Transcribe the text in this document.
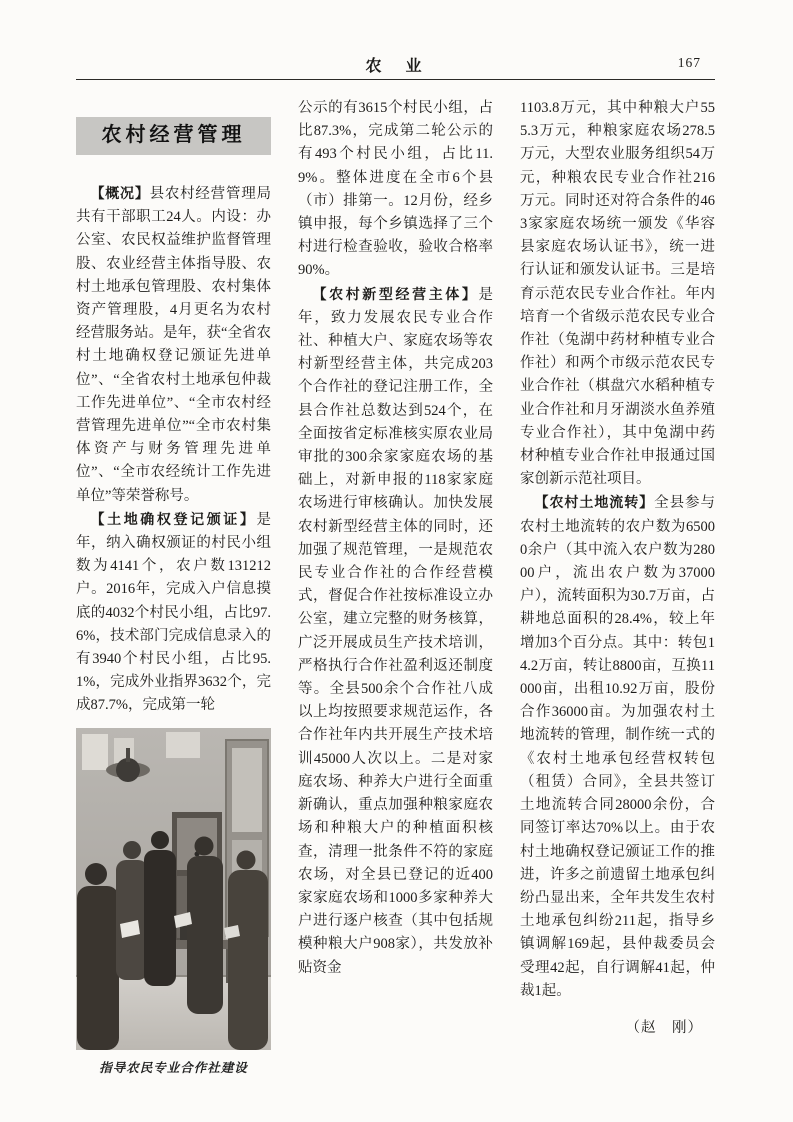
农　业	167
农村经营管理

【概况】县农村经营管理局共有干部职工24人。内设：办公室、农民权益维护监督管理股、农业经营主体指导股、农村土地承包管理股、农村集体资产管理股，4月更名为农村经营服务站。是年，获“全省农村土地确权登记颁证先进单位”、“全省农村土地承包仲裁工作先进单位”、“全市农村经营管理先进单位”“全市农村集体资产与财务管理先进单位”、“全市农经统计工作先进单位”等荣誉称号。

【土地确权登记颁证】是年，纳入确权颁证的村民小组数为4141个，农户数131212户。2016年，完成入户信息摸底的4032个村民小组，占比97.6%，技术部门完成信息录入的有3940个村民小组，占比95.1%，完成外业指界3632个，完成87.7%，完成第一轮

指导农民专业合作社建设

公示的有3615个村民小组，占比87.3%，完成第二轮公示的有493个村民小组，占比11.9%。整体进度在全市6个县（市）排第一。12月份，经乡镇申报，每个乡镇选择了三个村进行检查验收，验收合格率90%。

【农村新型经营主体】是年，致力发展农民专业合作社、种植大户、家庭农场等农村新型经营主体，共完成203个合作社的登记注册工作，全县合作社总数达到524个，在全面按省定标准核实原农业局审批的300余家家庭农场的基础上，对新申报的118家家庭农场进行审核确认。加快发展农村新型经营主体的同时，还加强了规范管理，一是规范农民专业合作社的合作经营模式，督促合作社按标准设立办公室，建立完整的财务核算，广泛开展成员生产技术培训，严格执行合作社盈利返还制度等。全县500余个合作社八成以上均按照要求规范运作，各合作社年内共开展生产技术培训45000人次以上。二是对家庭农场、种养大户进行全面重新确认，重点加强种粮家庭农场和种粮大户的种植面积核查，清理一批条件不符的家庭农场，对全县已登记的近400家家庭农场和1000多家种养大户进行逐户核查（其中包括规模种粮大户908家），共发放补贴资金

1103.8万元，其中种粮大户555.3万元，种粮家庭农场278.5万元，大型农业服务组织54万元，种粮农民专业合作社216万元。同时还对符合条件的463家家庭农场统一颁发《华容县家庭农场认证书》，统一进行认证和颁发认证书。三是培育示范农民专业合作社。年内培育一个省级示范农民专业合作社（兔湖中药材种植专业合作社）和两个市级示范农民专业合作社（棋盘穴水稻种植专业合作社和月牙湖淡水鱼养殖专业合作社），其中兔湖中药材种植专业合作社申报通过国家创新示范社项目。

【农村土地流转】全县参与农村土地流转的农户数为65000余户（其中流入农户数为28000户，流出农户数为37000户），流转面积为30.7万亩，占耕地总面积的28.4%，较上年增加3个百分点。其中：转包14.2万亩，转让8800亩，互换11000亩，出租10.92万亩，股份合作36000亩。为加强农村土地流转的管理，制作统一式的《农村土地承包经营权转包（租赁）合同》，全县共签订土地流转合同28000余份，合同签订率达70%以上。由于农村土地确权登记颁证工作的推进，许多之前遗留土地承包纠纷凸显出来，全年共发生农村土地承包纠纷211起，指导乡镇调解169起，县仲裁委员会受理42起，自行调解41起，仲裁1起。

（赵　刚）
